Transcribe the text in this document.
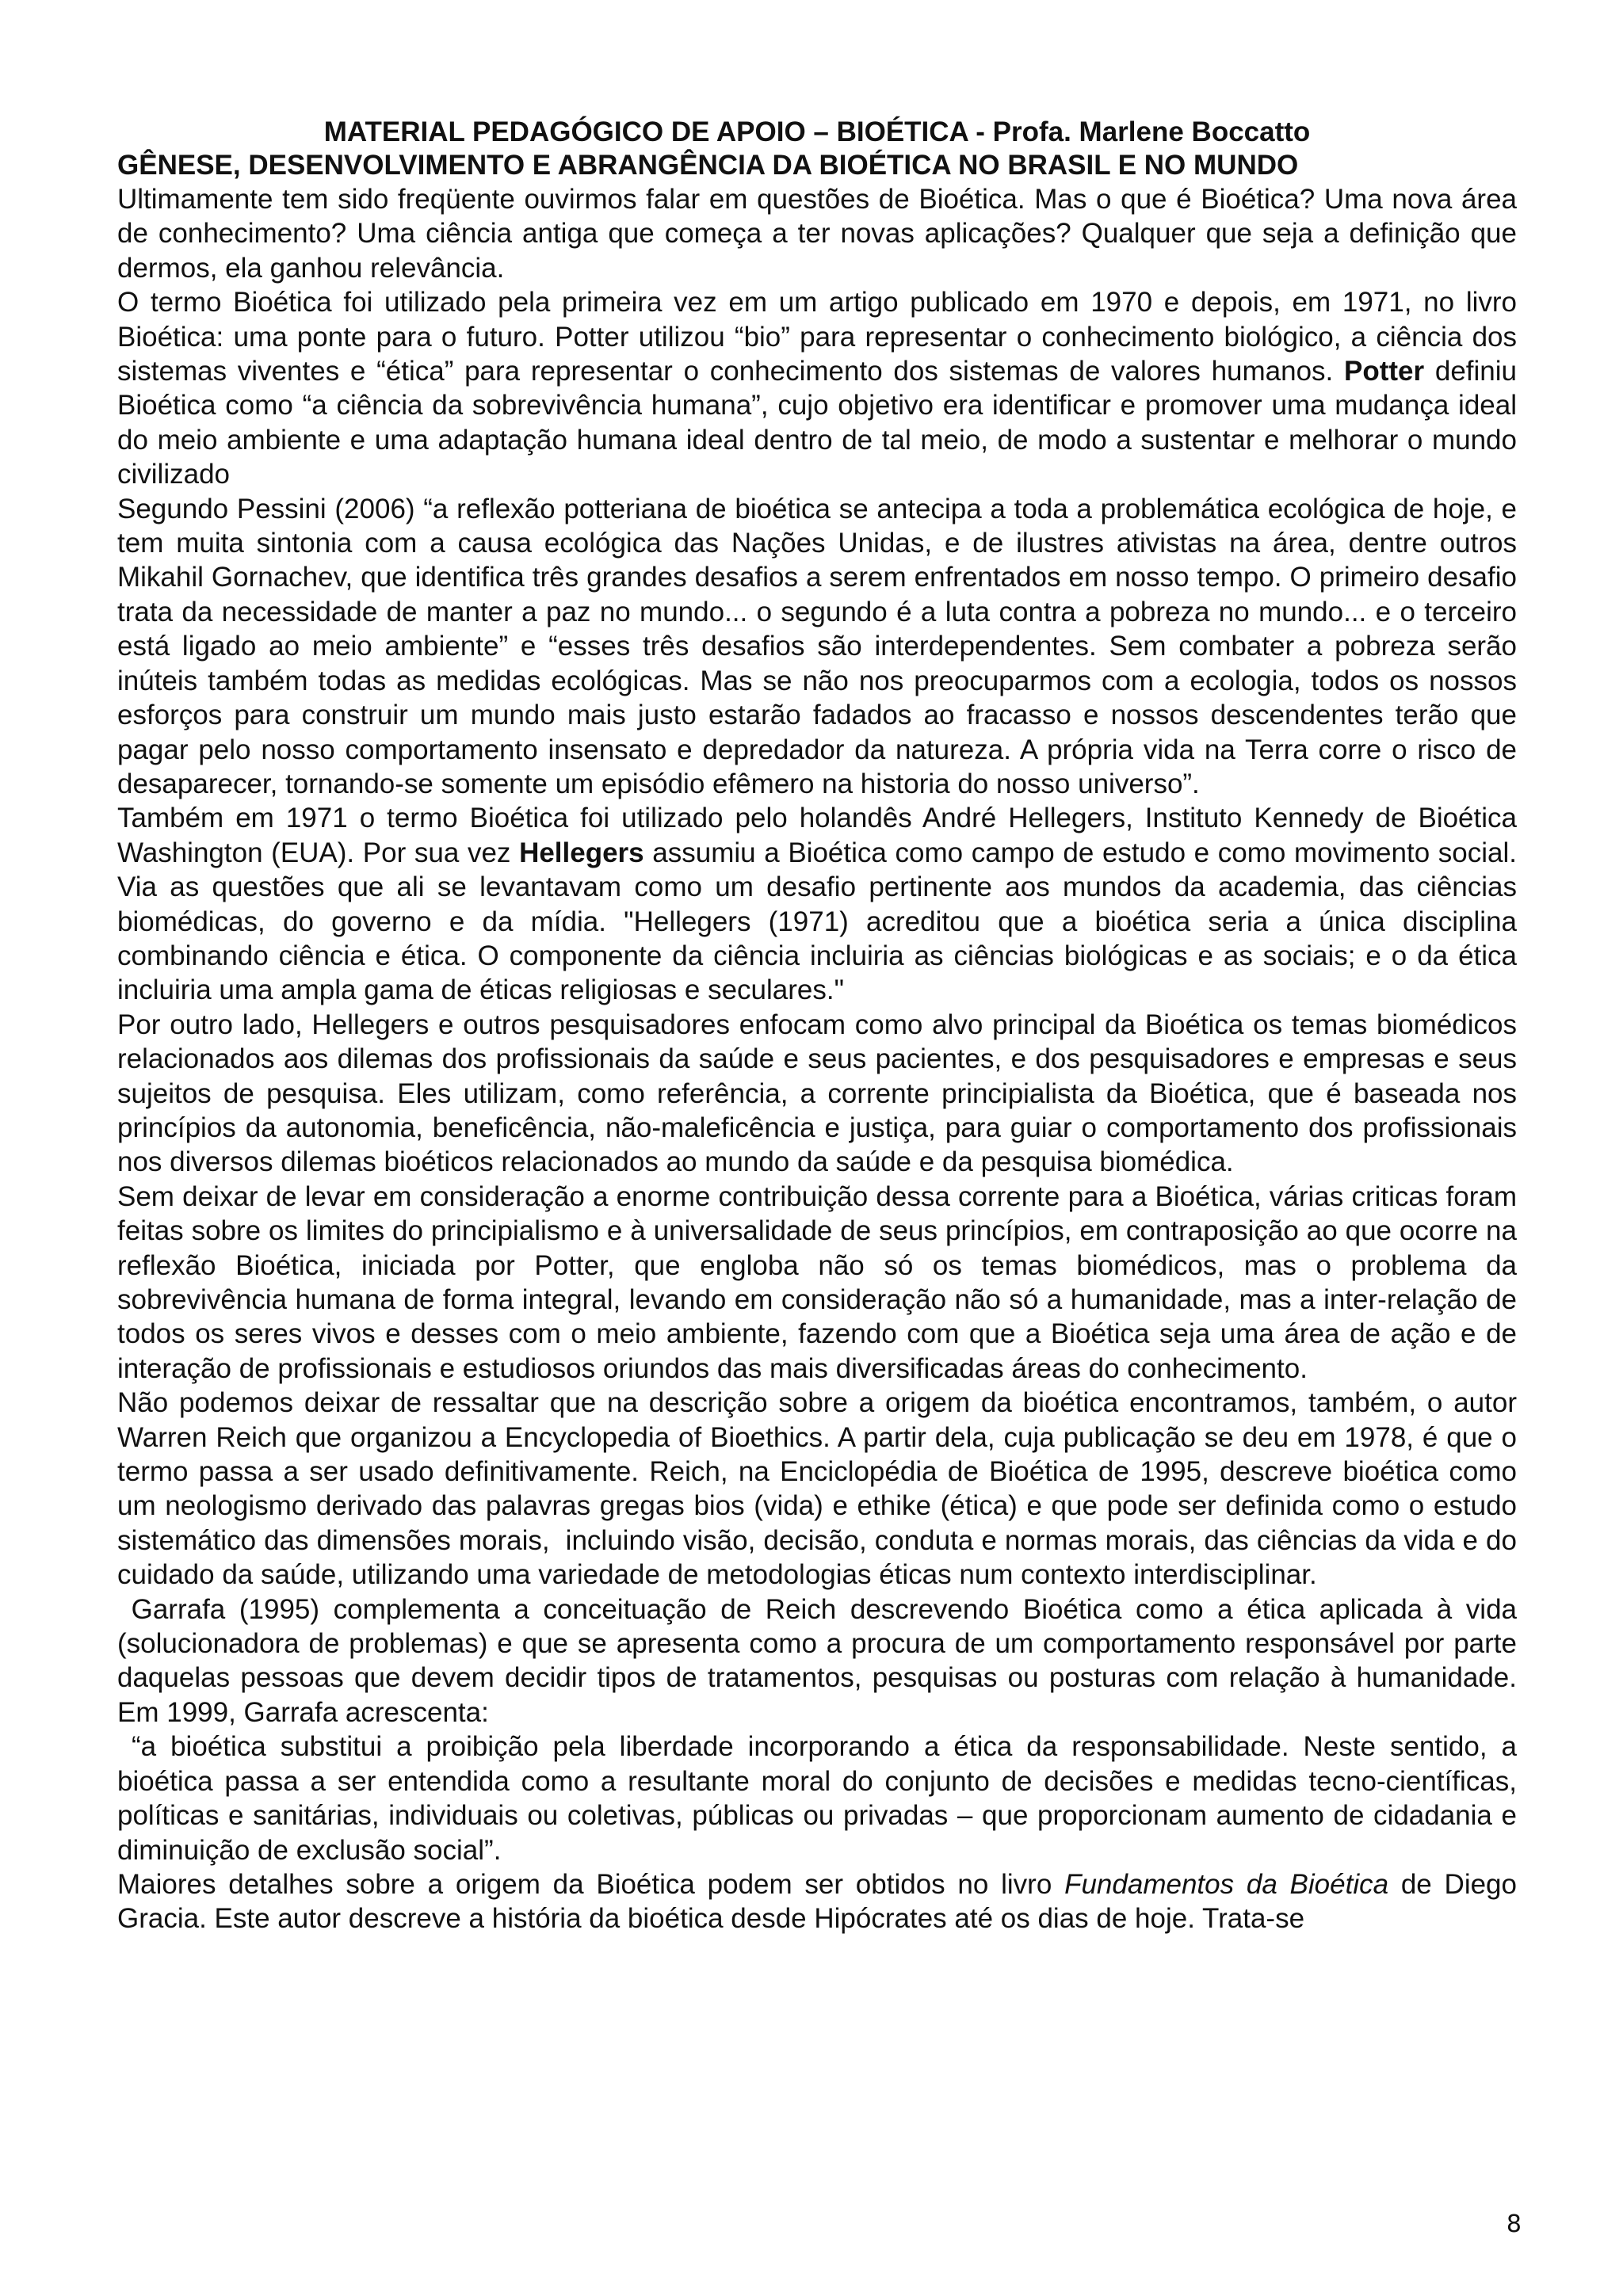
MATERIAL PEDAGÓGICO DE APOIO – BIOÉTICA - Profa. Marlene Boccatto

GÊNESE, DESENVOLVIMENTO E ABRANGÊNCIA DA BIOÉTICA NO BRASIL E NO MUNDO

Ultimamente tem sido freqüente ouvirmos falar em questões de Bioética. Mas o que é Bioética? Uma nova área de conhecimento? Uma ciência antiga que começa a ter novas aplicações? Qualquer que seja a definição que dermos, ela ganhou relevância.

O termo Bioética foi utilizado pela primeira vez em um artigo publicado em 1970 e depois, em 1971, no livro Bioética: uma ponte para o futuro. Potter utilizou “bio” para representar o conhecimento biológico, a ciência dos sistemas viventes e “ética” para representar o conhecimento dos sistemas de valores humanos. Potter definiu Bioética como “a ciência da sobrevivência humana”, cujo objetivo era identificar e promover uma mudança ideal do meio ambiente e uma adaptação humana ideal dentro de tal meio, de modo a sustentar e melhorar o mundo civilizado

Segundo Pessini (2006) “a reflexão potteriana de bioética se antecipa a toda a problemática ecológica de hoje, e tem muita sintonia com a causa ecológica das Nações Unidas, e de ilustres ativistas na área, dentre outros Mikahil Gornachev, que identifica três grandes desafios a serem enfrentados em nosso tempo. O primeiro desafio trata da necessidade de manter a paz no mundo... o segundo é a luta contra a pobreza no mundo... e o terceiro está ligado ao meio ambiente” e “esses três desafios são interdependentes. Sem combater a pobreza serão inúteis também todas as medidas ecológicas. Mas se não nos preocuparmos com a ecologia, todos os nossos esforços para construir um mundo mais justo estarão fadados ao fracasso e nossos descendentes terão que pagar pelo nosso comportamento insensato e depredador da natureza. A própria vida na Terra corre o risco de desaparecer, tornando-se somente um episódio efêmero na historia do nosso universo”.

Também em 1971 o termo Bioética foi utilizado pelo holandês André Hellegers, Instituto Kennedy de Bioética Washington (EUA). Por sua vez Hellegers assumiu a Bioética como campo de estudo e como movimento social. Via as questões que ali se levantavam como um desafio pertinente aos mundos da academia, das ciências biomédicas, do governo e da mídia. "Hellegers (1971) acreditou que a bioética seria a única disciplina combinando ciência e ética. O componente da ciência incluiria as ciências biológicas e as sociais; e o da ética incluiria uma ampla gama de éticas religiosas e seculares."

Por outro lado, Hellegers e outros pesquisadores enfocam como alvo principal da Bioética os temas biomédicos relacionados aos dilemas dos profissionais da saúde e seus pacientes, e dos pesquisadores e empresas e seus sujeitos de pesquisa. Eles utilizam, como referência, a corrente principialista da Bioética, que é baseada nos princípios da autonomia, beneficência, não-maleficência e justiça, para guiar o comportamento dos profissionais nos diversos dilemas bioéticos relacionados ao mundo da saúde e da pesquisa biomédica.

Sem deixar de levar em consideração a enorme contribuição dessa corrente para a Bioética, várias criticas foram feitas sobre os limites do principialismo e à universalidade de seus princípios, em contraposição ao que ocorre na reflexão Bioética, iniciada por Potter, que engloba não só os temas biomédicos, mas o problema da sobrevivência humana de forma integral, levando em consideração não só a humanidade, mas a inter-relação de todos os seres vivos e desses com o meio ambiente, fazendo com que a Bioética seja uma área de ação e de interação de profissionais e estudiosos oriundos das mais diversificadas áreas do conhecimento.

Não podemos deixar de ressaltar que na descrição sobre a origem da bioética encontramos, também, o autor Warren Reich que organizou a Encyclopedia of Bioethics. A partir dela, cuja publicação se deu em 1978, é que o termo passa a ser usado definitivamente. Reich, na Enciclopédia de Bioética de 1995, descreve bioética como um neologismo derivado das palavras gregas bios (vida) e ethike (ética) e que pode ser definida como o estudo sistemático das dimensões morais,  incluindo visão, decisão, conduta e normas morais, das ciências da vida e do cuidado da saúde, utilizando uma variedade de metodologias éticas num contexto interdisciplinar.

Garrafa (1995) complementa a conceituação de Reich descrevendo Bioética como a ética aplicada à vida (solucionadora de problemas) e que se apresenta como a procura de um comportamento responsável por parte daquelas pessoas que devem decidir tipos de tratamentos, pesquisas ou posturas com relação à humanidade.  Em 1999, Garrafa acrescenta:

“a bioética substitui a proibição pela liberdade incorporando a ética da responsabilidade. Neste sentido, a bioética passa a ser entendida como a resultante moral do conjunto de decisões e medidas tecno-científicas, políticas e sanitárias, individuais ou coletivas, públicas ou privadas – que proporcionam aumento de cidadania e diminuição de exclusão social”.

Maiores detalhes sobre a origem da Bioética podem ser obtidos no livro Fundamentos da Bioética de Diego Gracia. Este autor descreve a história da bioética desde Hipócrates até os dias de hoje. Trata-se

8
